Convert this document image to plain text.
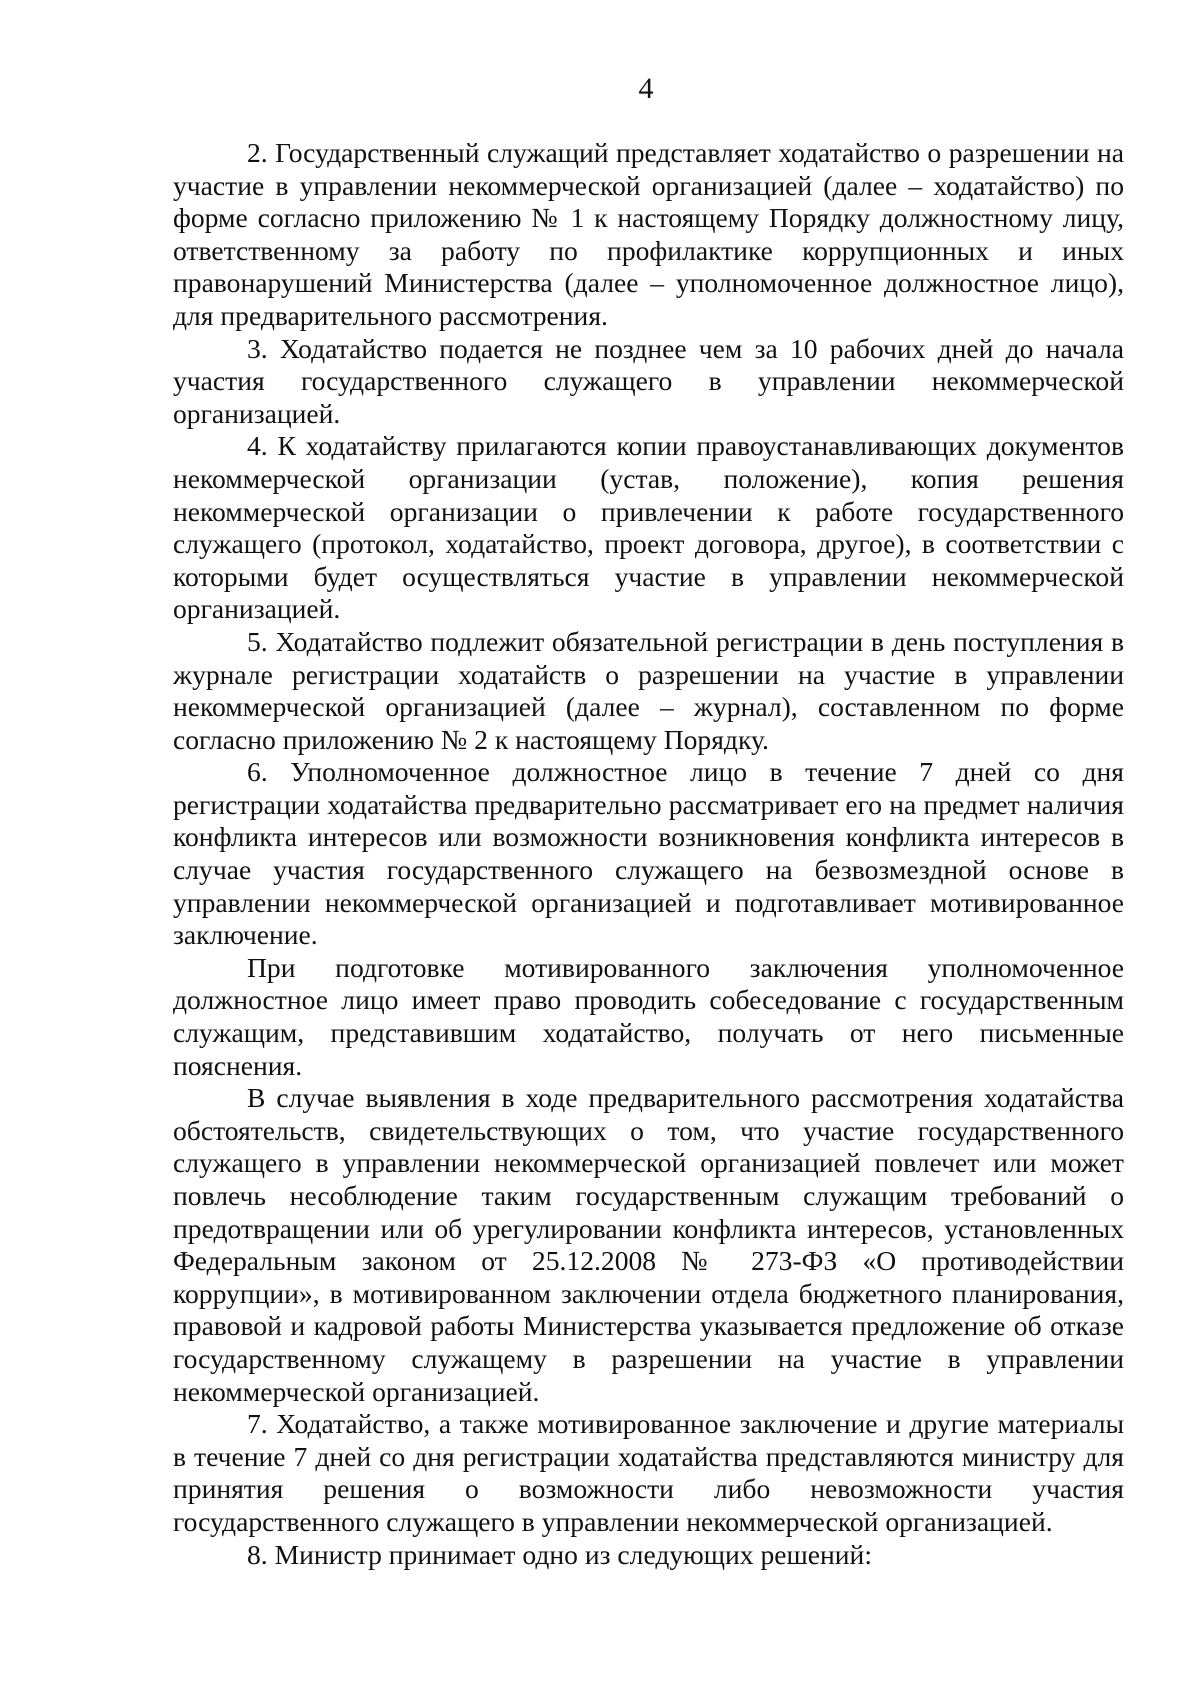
4

2. Государственный служащий представляет ходатайство о разрешении на участие в управлении некоммерческой организацией (далее – ходатайство) по форме согласно приложению № 1 к настоящему Порядку должностному лицу, ответственному за работу по профилактике коррупционных и иных правонарушений Министерства (далее – уполномоченное должностное лицо), для предварительного рассмотрения.

3. Ходатайство подается не позднее чем за 10 рабочих дней до начала участия государственного служащего в управлении некоммерческой организацией.

4. К ходатайству прилагаются копии правоустанавливающих документов некоммерческой организации (устав, положение), копия решения некоммерческой организации о привлечении к работе государственного служащего (протокол, ходатайство, проект договора, другое), в соответствии с которыми будет осуществляться участие в управлении некоммерческой организацией.

5. Ходатайство подлежит обязательной регистрации в день поступления в журнале регистрации ходатайств о разрешении на участие в управлении некоммерческой организацией (далее – журнал), составленном по форме согласно приложению № 2 к настоящему Порядку.

6. Уполномоченное должностное лицо в течение 7 дней со дня регистрации ходатайства предварительно рассматривает его на предмет наличия конфликта интересов или возможности возникновения конфликта интересов в случае участия государственного служащего на безвозмездной основе в управлении некоммерческой организацией и подготавливает мотивированное заключение.

При подготовке мотивированного заключения уполномоченное должностное лицо имеет право проводить собеседование с государственным служащим, представившим ходатайство, получать от него письменные пояснения.

В случае выявления в ходе предварительного рассмотрения ходатайства обстоятельств, свидетельствующих о том, что участие государственного служащего в управлении некоммерческой организацией повлечет или может повлечь несоблюдение таким государственным служащим требований о предотвращении или об урегулировании конфликта интересов, установленных Федеральным законом от 25.12.2008 № 273-ФЗ «О противодействии коррупции», в мотивированном заключении отдела бюджетного планирования, правовой и кадровой работы Министерства указывается предложение об отказе государственному служащему в разрешении на участие в управлении некоммерческой организацией.

7. Ходатайство, а также мотивированное заключение и другие материалы в течение 7 дней со дня регистрации ходатайства представляются министру для принятия решения о возможности либо невозможности участия государственного служащего в управлении некоммерческой организацией.

8. Министр принимает одно из следующих решений:
